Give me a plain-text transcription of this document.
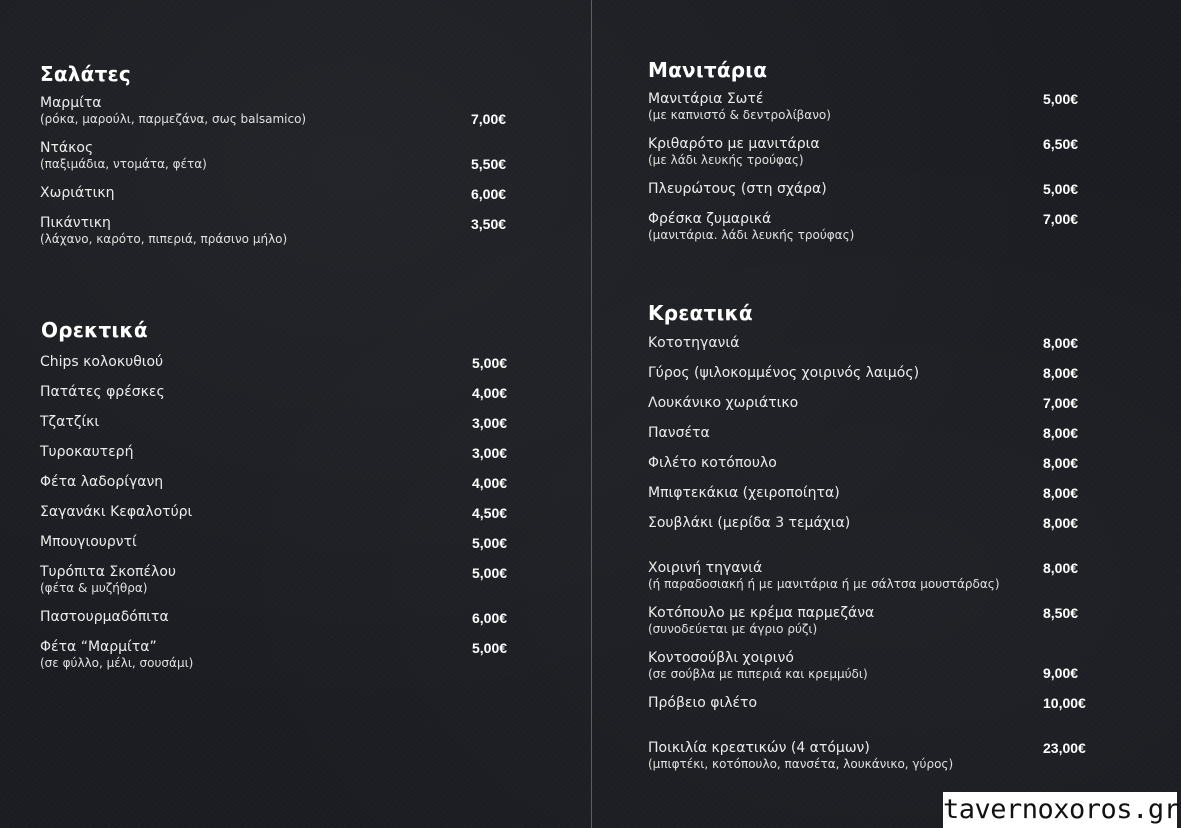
Σαλάτες
Μαρμίτα
(ρόκα, μαρούλι, παρμεζάνα, σως balsamico)
Ντάκος
(παξιμάδια, ντομάτα, φέτα)
Χωριάτικη
Πικάντικη
(λάχανο, καρότο, πιπεριά, πράσινο μήλο)
7,00€
5,50€
6,00€
3,50€
Ορεκτικά
Chips κολοκυθιού
Πατάτες φρέσκες
Τζατζίκι
Τυροκαυτερή
Φέτα λαδορίγανη
Σαγανάκι Κεφαλοτύρι
Μπουγιουρντί
Τυρόπιτα Σκοπέλου
(φέτα & μυζήθρα)
Παστουρμαδόπιτα
Φέτα “Μαρμίτα”
(σε φύλλο, μέλι, σουσάμι)
5,00€
4,00€
3,00€
3,00€
4,00€
4,50€
5,00€
5,00€
6,00€
5,00€
Μανιτάρια
Μανιτάρια Σωτέ
(με καπνιστό & δεντρολίβανο)
Κριθαρότο με μανιτάρια
(με λάδι λευκής τρούφας)
Πλευρώτους (στη σχάρα)
Φρέσκα ζυμαρικά
(μανιτάρια. λάδι λευκής τρούφας)
5,00€
6,50€
5,00€
7,00€
Κρεατικά
Κοτοτηγανιά
Γύρος (ψιλοκομμένος χοιρινός λαιμός)
Λουκάνικο χωριάτικο
Πανσέτα
Φιλέτο κοτόπουλο
Μπιφτεκάκια (χειροποίητα)
Σουβλάκι (μερίδα 3 τεμάχια)
Χοιρινή τηγανιά
(ή παραδοσιακή ή με μανιτάρια ή με σάλτσα μουστάρδας)
Κοτόπουλο με κρέμα παρμεζάνα
(συνοδεύεται με άγριο ρύζι)
Κοντοσούβλι χοιρινό
(σε σούβλα με πιπεριά και κρεμμύδι)
Πρόβειο φιλέτο
Ποικιλία κρεατικών (4 ατόμων)
(μπιφτέκι, κοτόπουλο, πανσέτα, λουκάνικο, γύρος)
8,00€
8,00€
7,00€
8,00€
8,00€
8,00€
8,00€
8,00€
8,50€
9,00€
10,00€
23,00€
tavernoxoros.gr
